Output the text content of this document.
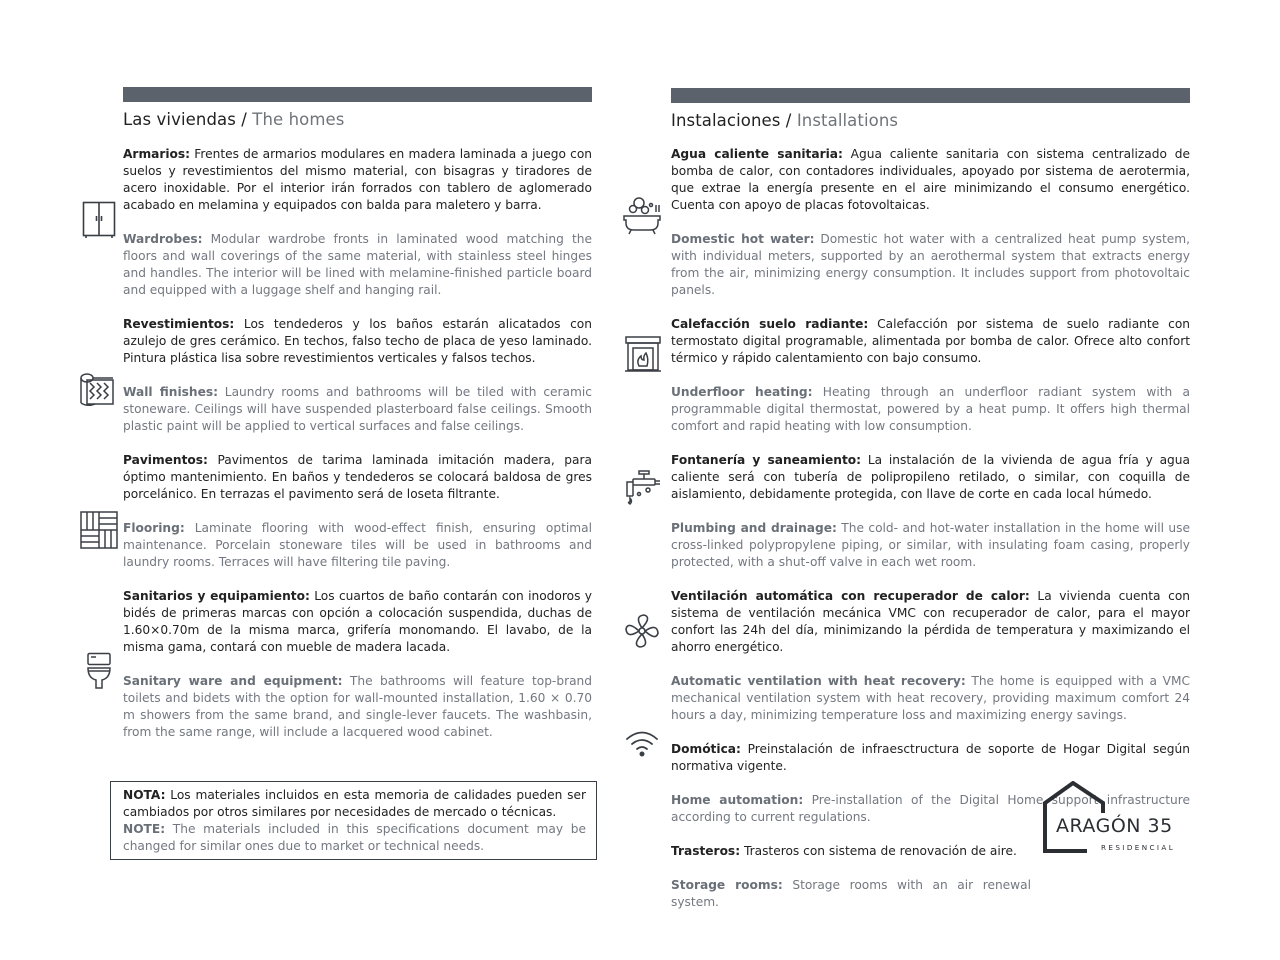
Las viviendas / The homes
Armarios: Frentes de armarios modulares en madera laminada a juego con suelos y revestimientos del mismo material, con bisagras y tiradores de acero inoxidable. Por el interior irán forrados con tablero de aglomerado acabado en melamina y equipados con balda para maletero y barra.
Wardrobes: Modular wardrobe fronts in laminated wood matching the floors and wall coverings of the same material, with stainless steel hinges and handles. The interior will be lined with melamine-finished particle board and equipped with a luggage shelf and hanging rail.
Revestimientos: Los tendederos y los baños estarán alicatados con azulejo de gres cerámico. En techos, falso techo de placa de yeso laminado. Pintura plástica lisa sobre revestimientos verticales y falsos techos.
Wall finishes: Laundry rooms and bathrooms will be tiled with ceramic stoneware. Ceilings will have suspended plasterboard false ceilings. Smooth plastic paint will be applied to vertical surfaces and false ceilings.
Pavimentos: Pavimentos de tarima laminada imitación madera, para óptimo mantenimiento. En baños y tendederos se colocará baldosa de gres porcelánico. En terrazas el pavimento será de loseta filtrante.
Flooring: Laminate flooring with wood-effect finish, ensuring optimal maintenance. Porcelain stoneware tiles will be used in bathrooms and laundry rooms. Terraces will have filtering tile paving.
Sanitarios y equipamiento: Los cuartos de baño contarán con inodoros y bidés de primeras marcas con opción a colocación suspendida, duchas de 1.60×0.70m de la misma marca, grifería monomando. El lavabo, de la misma gama, contará con mueble de madera lacada.
Sanitary ware and equipment: The bathrooms will feature top-brand toilets and bidets with the option for wall-mounted installation, 1.60 × 0.70 m showers from the same brand, and single-lever faucets. The washbasin, from the same range, will include a lacquered wood cabinet.
NOTA: Los materiales incluidos en esta memoria de calidades pueden ser cambiados por otros similares por necesidades de mercado o técnicas.
NOTE: The materials included in this specifications document may be changed for similar ones due to market or technical needs.
Instalaciones / Installations
Agua caliente sanitaria: Agua caliente sanitaria con sistema centralizado de bomba de calor, con contadores individuales, apoyado por sistema de aerotermia, que extrae la energía presente en el aire minimizando el consumo energético. Cuenta con apoyo de placas fotovoltaicas.
Domestic hot water: Domestic hot water with a centralized heat pump system, with individual meters, supported by an aerothermal system that extracts energy from the air, minimizing energy consumption. It includes support from photovoltaic panels.
Calefacción suelo radiante: Calefacción por sistema de suelo radiante con termostato digital programable, alimentada por bomba de calor. Ofrece alto confort térmico y rápido calentamiento con bajo consumo.
Underfloor heating: Heating through an underfloor radiant system with a programmable digital thermostat, powered by a heat pump. It offers high thermal comfort and rapid heating with low consumption.
Fontanería y saneamiento: La instalación de la vivienda de agua fría y agua caliente será con tubería de polipropileno retilado, o similar, con coquilla de aislamiento, debidamente protegida, con llave de corte en cada local húmedo.
Plumbing and drainage: The cold- and hot-water installation in the home will use cross-linked polypropylene piping, or similar, with insulating foam casing, properly protected, with a shut-off valve in each wet room.
Ventilación automática con recuperador de calor: La vivienda cuenta con sistema de ventilación mecánica VMC con recuperador de calor, para el mayor confort las 24h del día, minimizando la pérdida de temperatura y maximizando el ahorro energético.
Automatic ventilation with heat recovery: The home is equipped with a VMC mechanical ventilation system with heat recovery, providing maximum comfort 24 hours a day, minimizing temperature loss and maximizing energy savings.
Domótica: Preinstalación de infraesctructura de soporte de Hogar Digital según normativa vigente.
Home automation: Pre-installation of the Digital Home support infrastructure according to current regulations.
Trasteros: Trasteros con sistema de renovación de aire.
Storage rooms: Storage rooms with an air renewal system.
ARAGÓN 35
RESIDENCIAL
